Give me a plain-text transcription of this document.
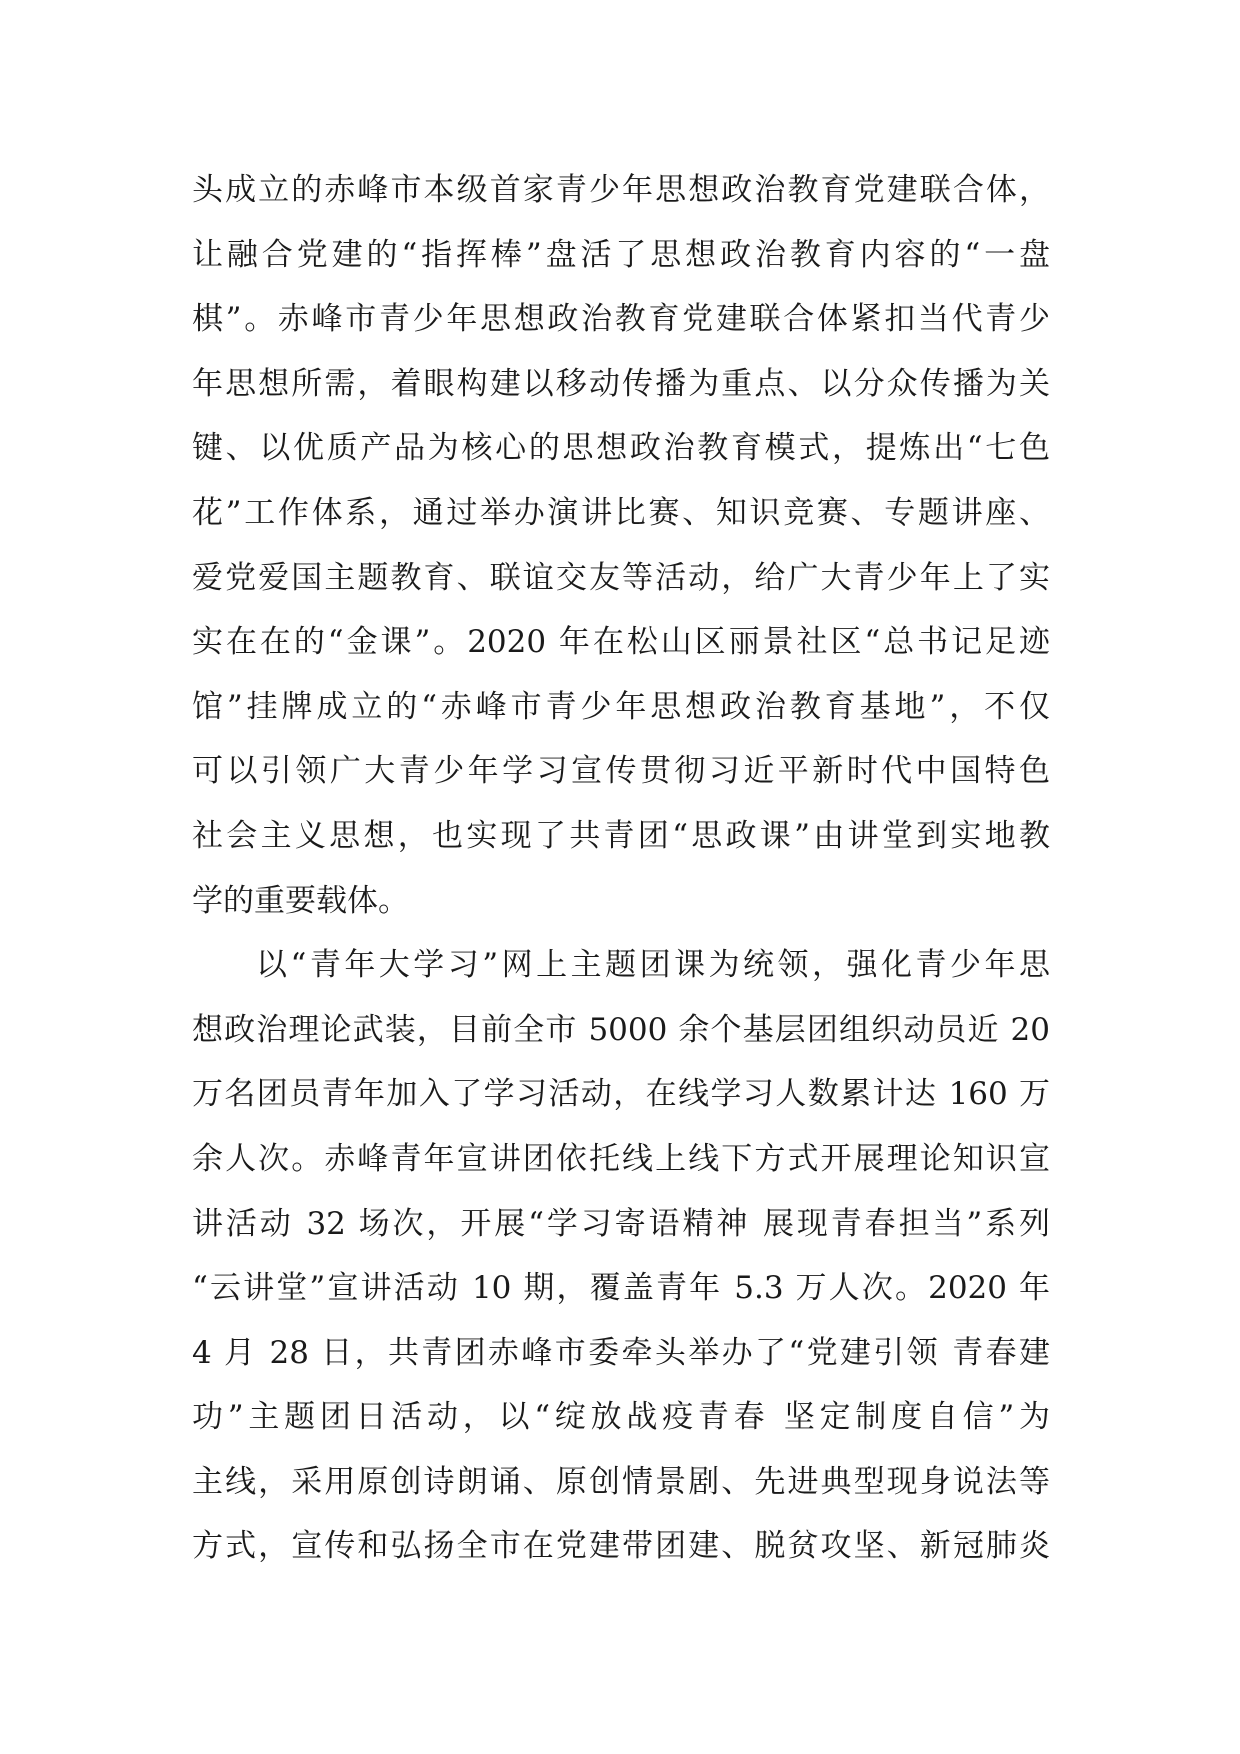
头成立的赤峰市本级首家青少年思想政治教育党建联合体，
让融合党建的“指挥棒”盘活了思想政治教育内容的“一盘
棋”。赤峰市青少年思想政治教育党建联合体紧扣当代青少
年思想所需，着眼构建以移动传播为重点、以分众传播为关
键、以优质产品为核心的思想政治教育模式，提炼出“七色
花”工作体系，通过举办演讲比赛、知识竞赛、专题讲座、
爱党爱国主题教育、联谊交友等活动，给广大青少年上了实
实在在的“金课”。2020 年在松山区丽景社区“总书记足迹
馆”挂牌成立的“赤峰市青少年思想政治教育基地”，不仅
可以引领广大青少年学习宣传贯彻习近平新时代中国特色
社会主义思想，也实现了共青团“思政课”由讲堂到实地教
学的重要载体。
以“青年大学习”网上主题团课为统领，强化青少年思
想政治理论武装，目前全市 5000 余个基层团组织动员近 20
万名团员青年加入了学习活动，在线学习人数累计达 160 万
余人次。赤峰青年宣讲团依托线上线下方式开展理论知识宣
讲活动 32 场次，开展“学习寄语精神 展现青春担当”系列
“云讲堂”宣讲活动 10 期，覆盖青年 5.3 万人次。2020 年
4 月 28 日，共青团赤峰市委牵头举办了“党建引领 青春建
功”主题团日活动，以“绽放战疫青春 坚定制度自信”为
主线，采用原创诗朗诵、原创情景剧、先进典型现身说法等
方式，宣传和弘扬全市在党建带团建、脱贫攻坚、新冠肺炎
